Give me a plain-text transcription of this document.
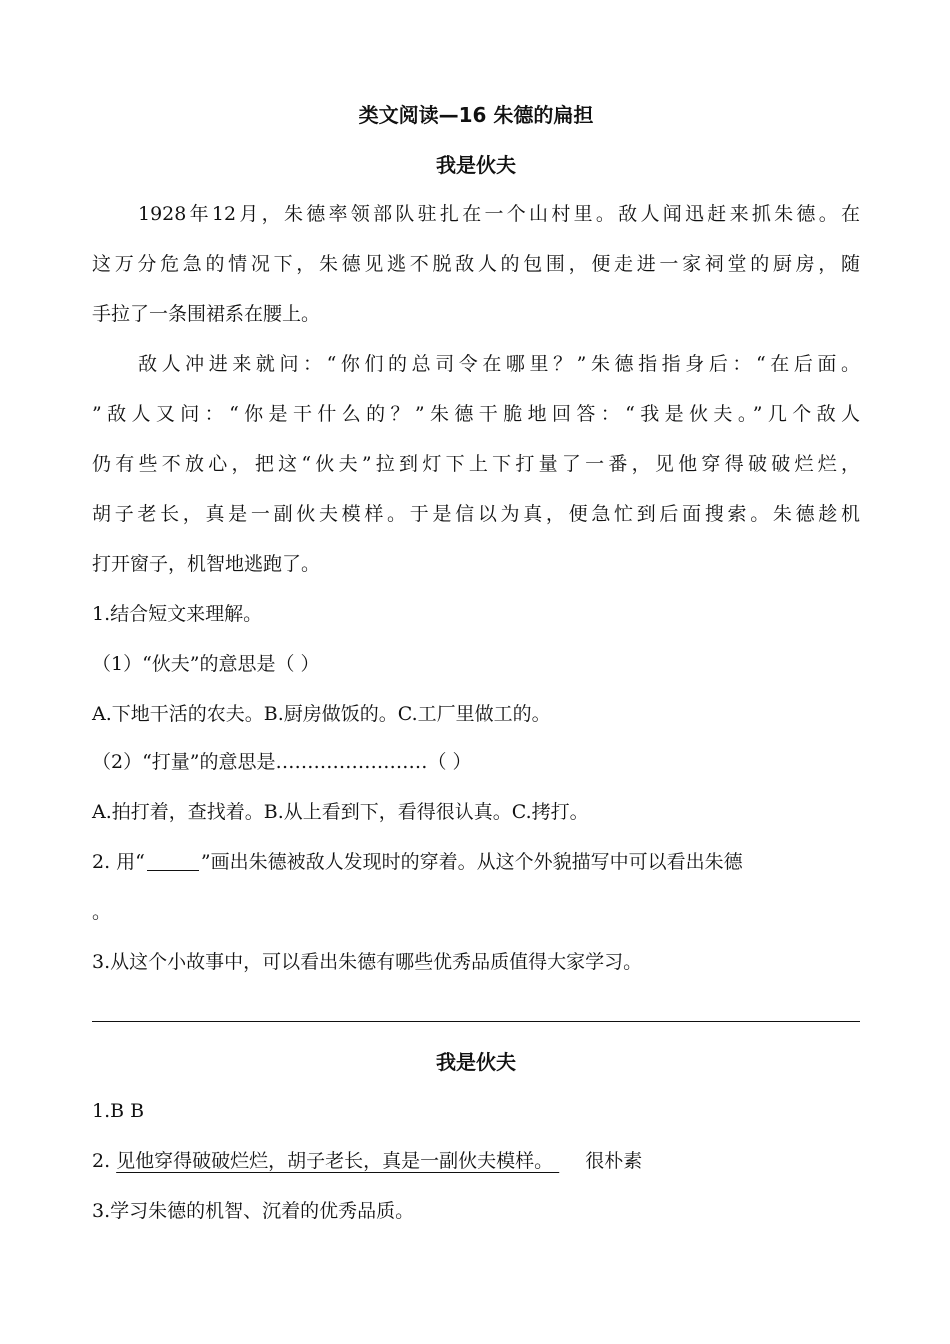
类文阅读—16 朱德的扁担
我是伙夫
1928年12月，朱德率领部队驻扎在一个山村里。敌人闻迅赶来抓朱德。在
这万分危急的情况下，朱德见逃不脱敌人的包围，便走进一家祠堂的厨房，随
手拉了一条围裙系在腰上。
敌人冲进来就问：“你们的总司令在哪里？”朱德指指身后：“在后面。
”敌人又问：“你是干什么的？”朱德干脆地回答：“我是伙夫。”几个敌人
仍有些不放心，把这“伙夫”拉到灯下上下打量了一番，见他穿得破破烂烂，
胡子老长，真是一副伙夫模样。于是信以为真，便急忙到后面搜索。朱德趁机
打开窗子，机智地逃跑了。
1.结合短文来理解。
（1）“伙夫”的意思是（ ）
A.下地干活的农夫。B.厨房做饭的。C.工厂里做工的。
（2）“打量”的意思是……………………（ ）
A.拍打着，查找着。B.从上看到下，看得很认真。C.拷打。
2. 用“	”画出朱德被敌人发现时的穿着。从这个外貌描写中可以看出朱德
。
3.从这个小故事中，可以看出朱德有哪些优秀品质值得大家学习。
我是伙夫
1.B B
2. 见他穿得破破烂烂，胡子老长，真是一副伙夫模样。 很朴素
3.学习朱德的机智、沉着的优秀品质。
